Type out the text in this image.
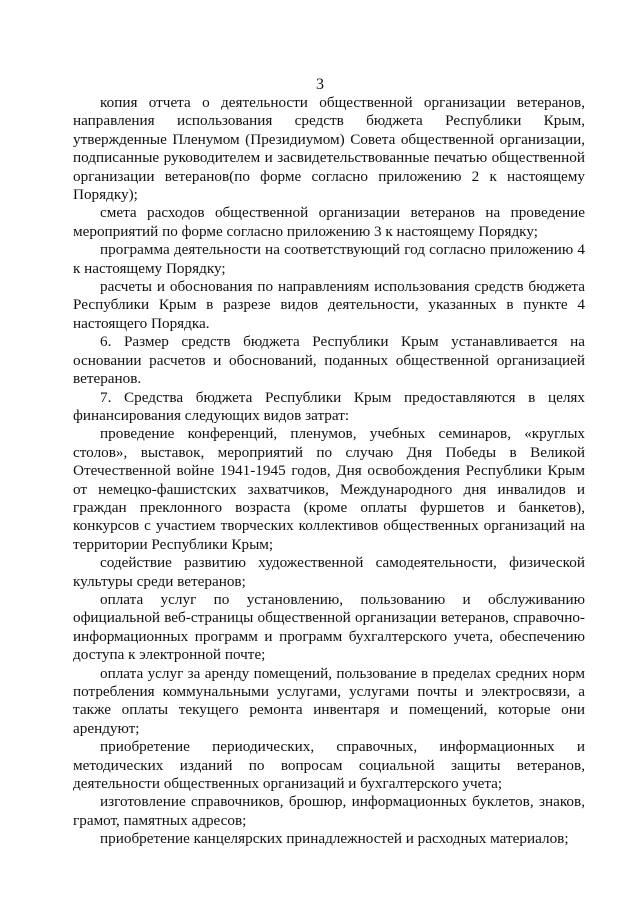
3

копия отчета о деятельности общественной организации ветеранов, направления использования средств бюджета Республики Крым, утвержденные Пленумом (Президиумом) Совета общественной организации, подписанные руководителем и засвидетельствованные печатью общественной организации ветеранов(по форме согласно приложению 2 к настоящему Порядку);

смета расходов общественной организации ветеранов на проведение мероприятий по форме согласно приложению 3 к настоящему Порядку;

программа деятельности на соответствующий год согласно приложению 4 к настоящему Порядку;

расчеты и обоснования по направлениям использования средств бюджета Республики Крым в разрезе видов деятельности, указанных в пункте 4 настоящего Порядка.

6. Размер средств бюджета Республики Крым устанавливается на основании расчетов и обоснований, поданных общественной организацией ветеранов.

7. Средства бюджета Республики Крым предоставляются в целях финансирования следующих видов затрат:

проведение конференций, пленумов, учебных семинаров, «круглых столов», выставок, мероприятий по случаю Дня Победы в Великой Отечественной войне 1941-1945 годов, Дня освобождения Республики Крым от немецко-фашистских захватчиков, Международного дня инвалидов и граждан преклонного возраста (кроме оплаты фуршетов и банкетов), конкурсов с участием творческих коллективов общественных организаций на территории Республики Крым;

содействие развитию художественной самодеятельности, физической культуры среди ветеранов;

оплата услуг по установлению, пользованию и обслуживанию официальной веб-страницы общественной организации ветеранов, справочно-информационных программ и программ бухгалтерского учета, обеспечению доступа к электронной почте;

оплата услуг за аренду помещений, пользование в пределах средних норм потребления коммунальными услугами, услугами почты и электросвязи, а также оплаты текущего ремонта инвентаря и помещений, которые они арендуют;

приобретение периодических, справочных, информационных и методических изданий по вопросам социальной защиты ветеранов, деятельности общественных организаций и бухгалтерского учета;

изготовление справочников, брошюр, информационных буклетов, знаков, грамот, памятных адресов;

приобретение канцелярских принадлежностей и расходных материалов;
